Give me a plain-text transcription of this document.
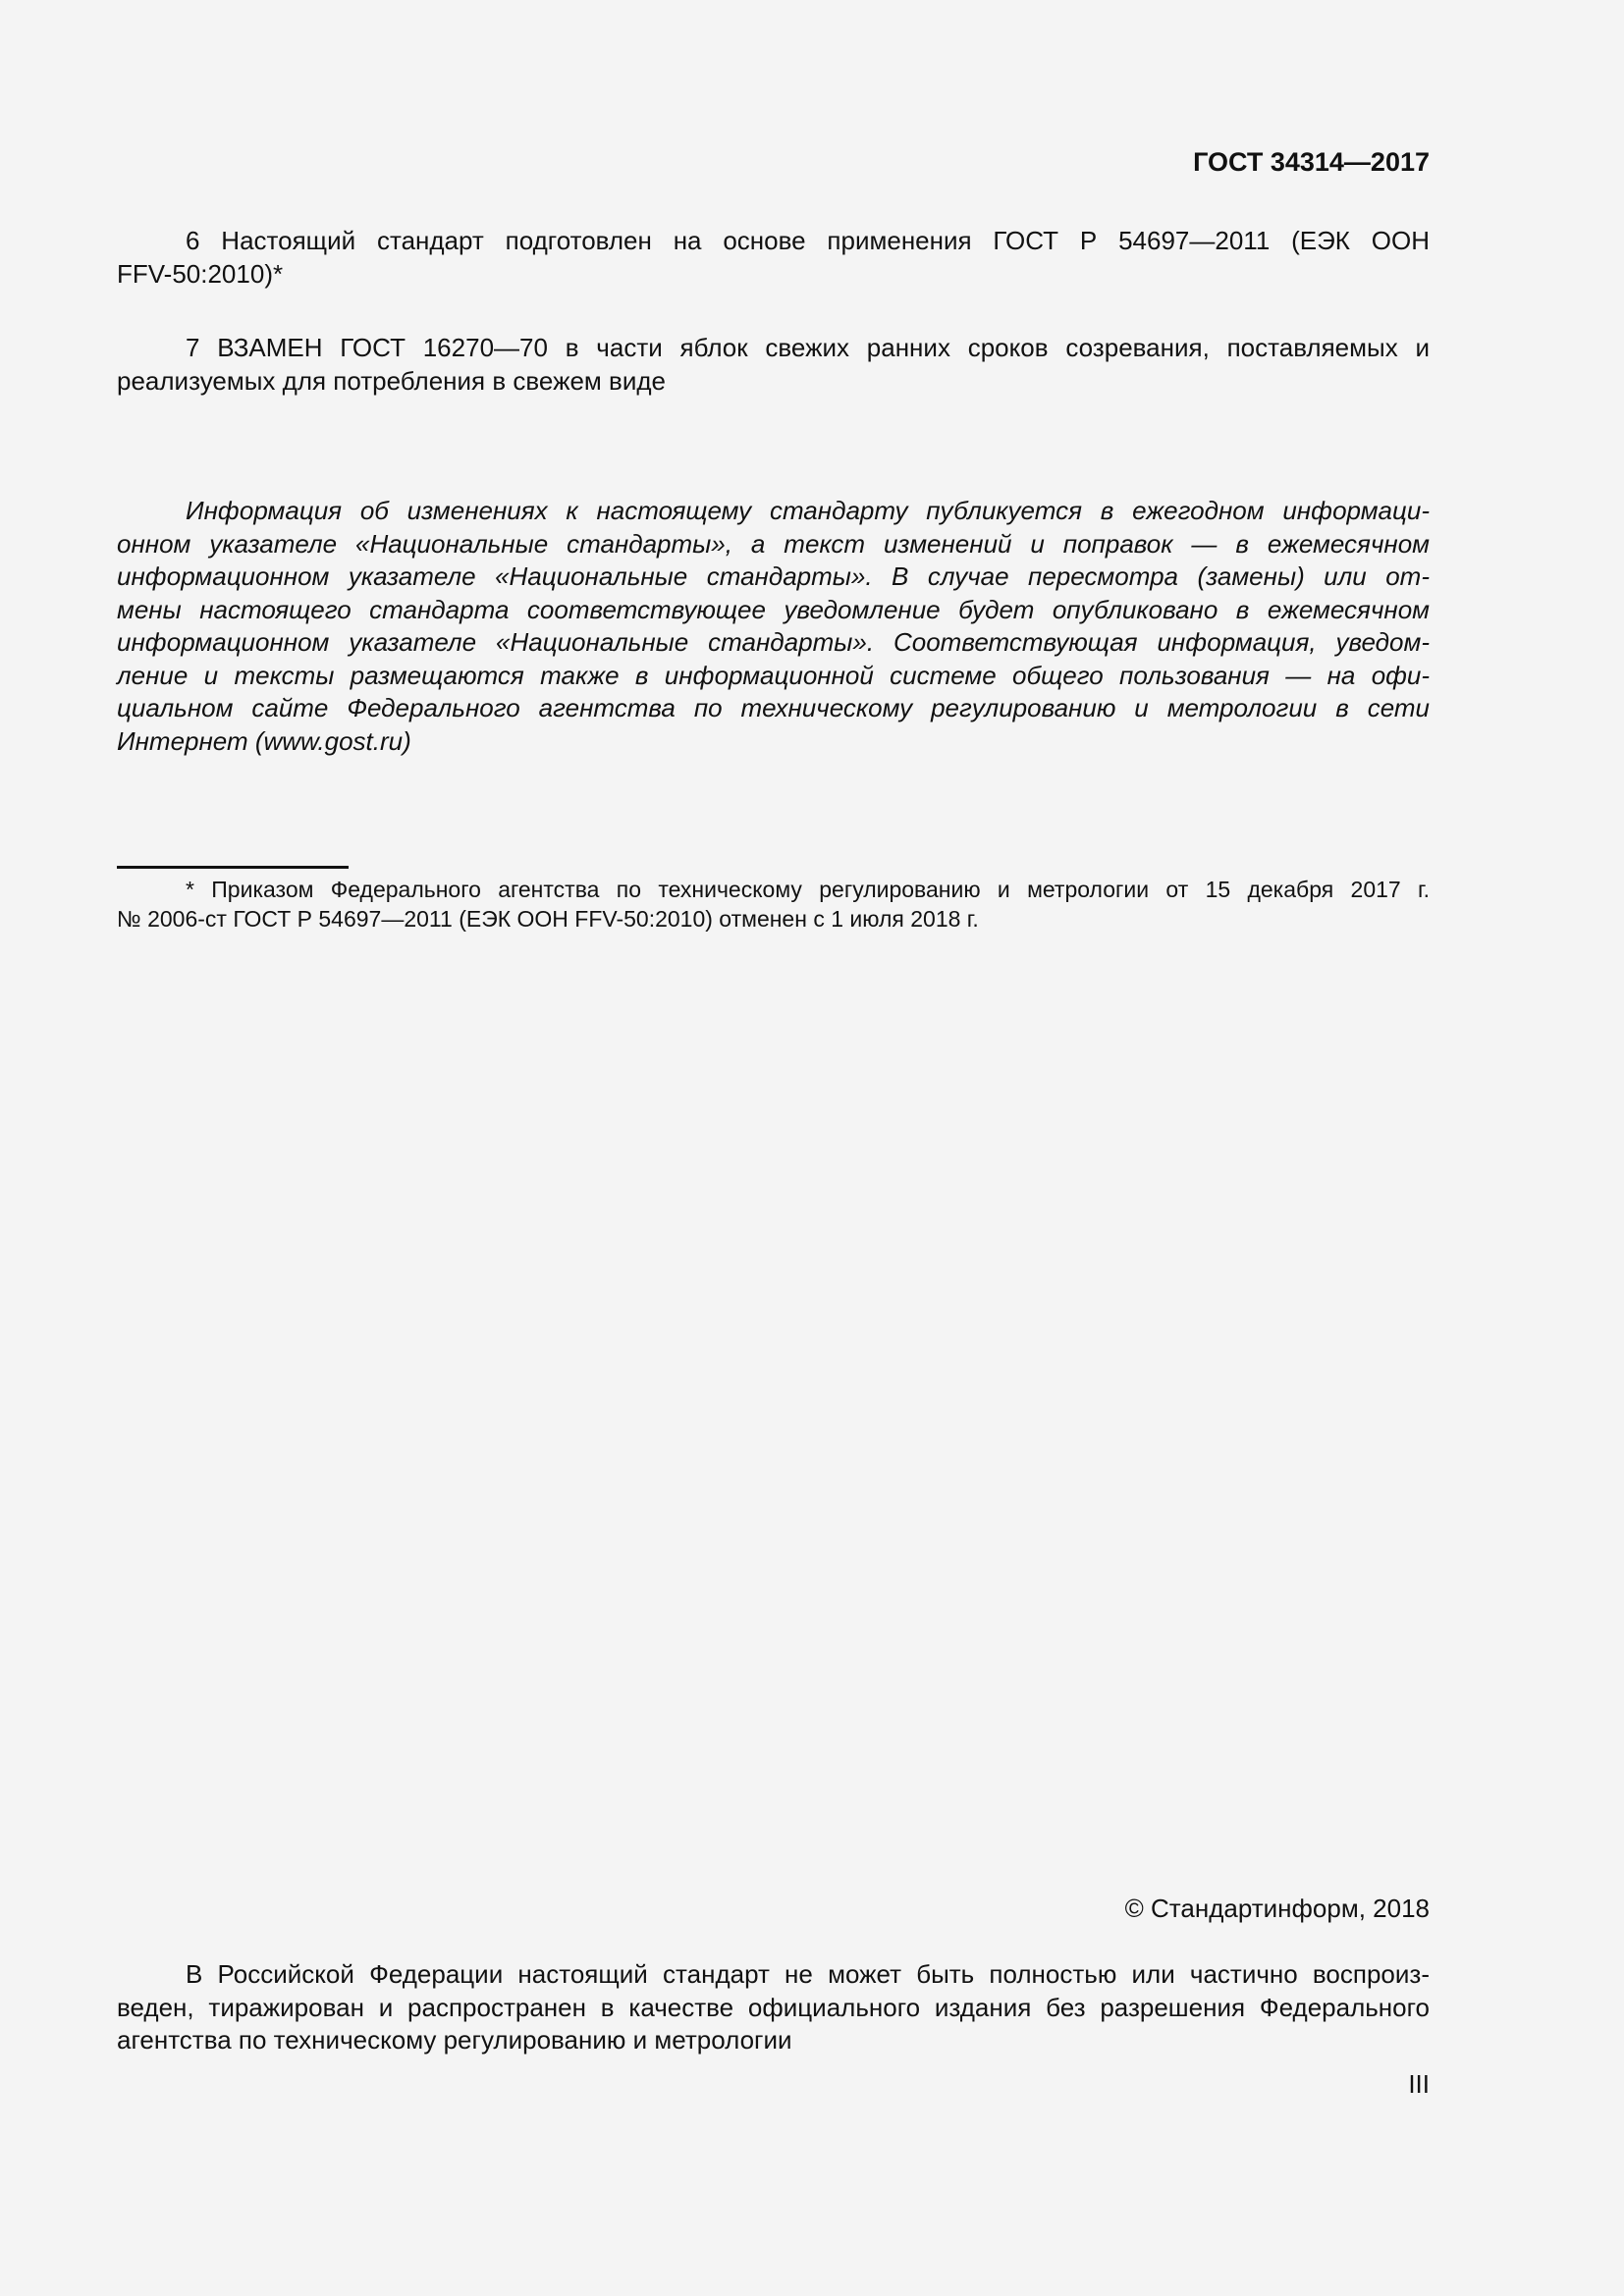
ГОСТ 34314—2017
6 Настоящий стандарт подготовлен на основе применения ГОСТ Р 54697—2011 (ЕЭК ООН
FFV-50:2010)*
7 ВЗАМЕН ГОСТ 16270—70 в части яблок свежих ранних сроков созревания, поставляемых и
реализуемых для потребления в свежем виде
Информация об изменениях к настоящему стандарту публикуется в ежегодном информаци-
онном указателе «Национальные стандарты», а текст изменений и поправок — в ежемесячном
информационном указателе «Национальные стандарты». В случае пересмотра (замены) или от-
мены настоящего стандарта соответствующее уведомление будет опубликовано в ежемесячном
информационном указателе «Национальные стандарты». Соответствующая информация, уведом-
ление и тексты размещаются также в информационной системе общего пользования — на офи-
циальном сайте Федерального агентства по техническому регулированию и метрологии в сети
Интернет (www.gost.ru)
* Приказом Федерального агентства по техническому регулированию и метрологии от 15 декабря 2017 г.
№ 2006-ст ГОСТ Р 54697—2011 (ЕЭК ООН FFV-50:2010) отменен с 1 июля 2018 г.
© Стандартинформ, 2018
В Российской Федерации настоящий стандарт не может быть полностью или частично воспроиз-
веден, тиражирован и распространен в качестве официального издания без разрешения Федерального
агентства по техническому регулированию и метрологии
III
